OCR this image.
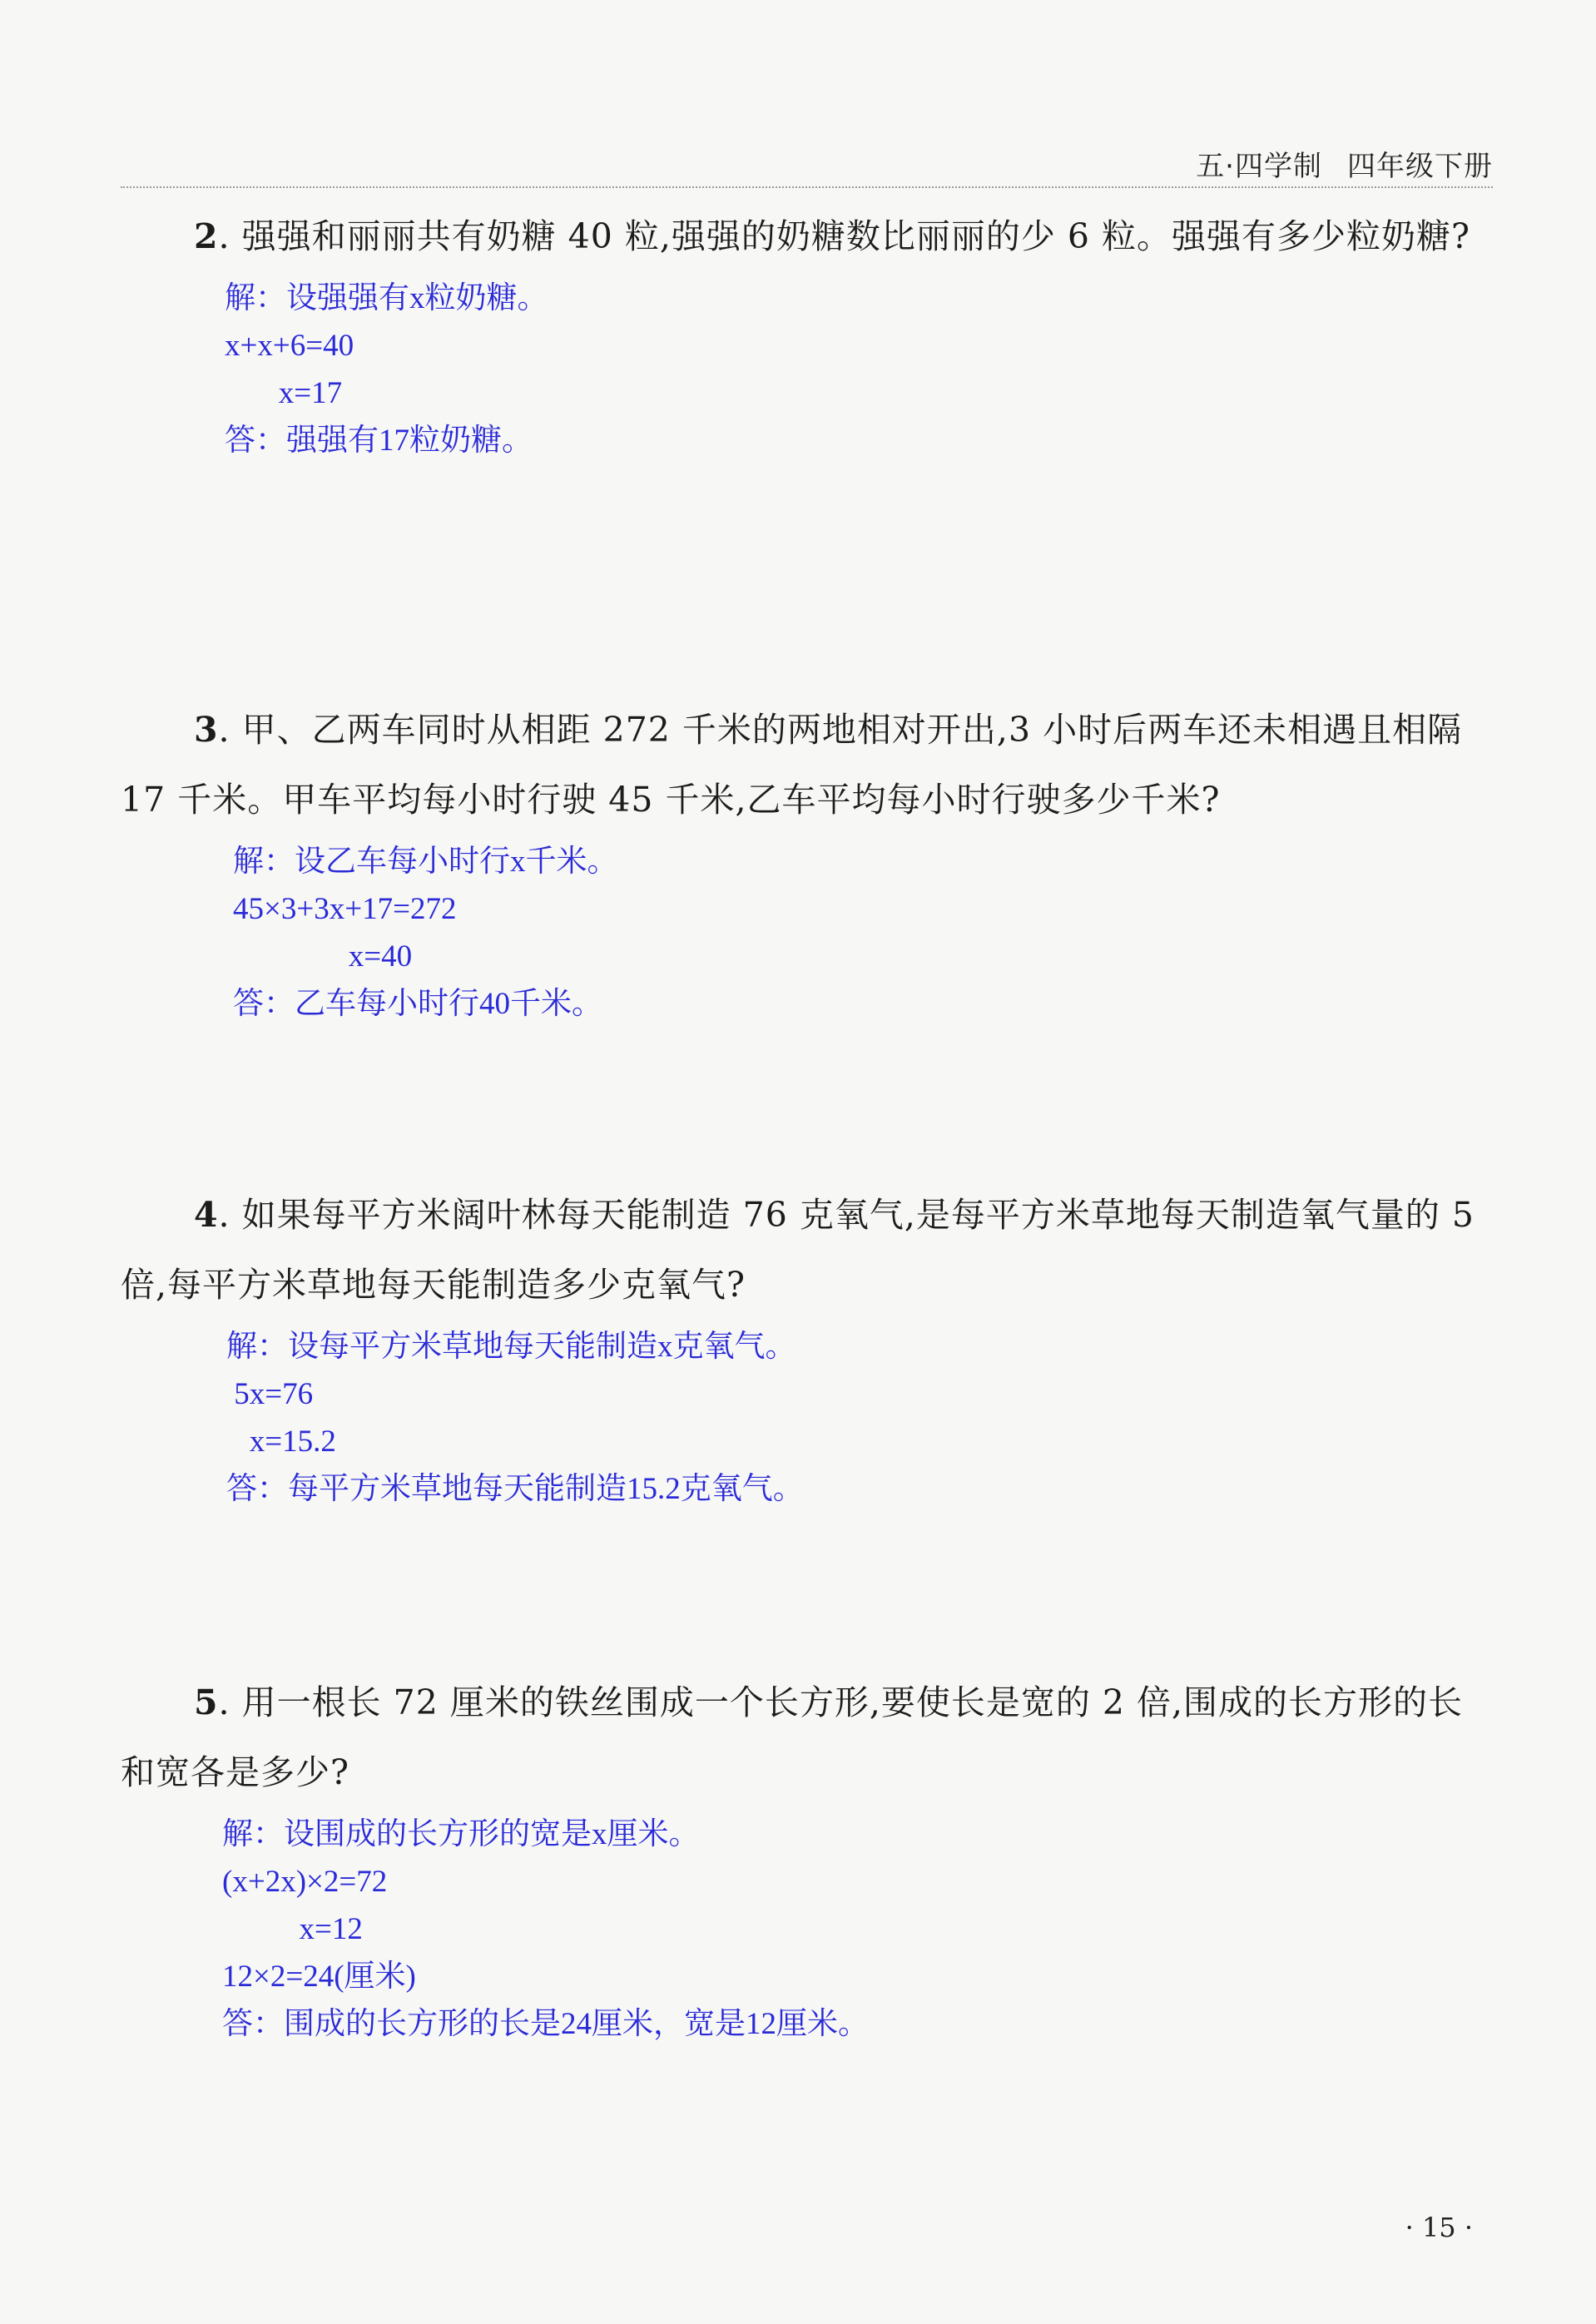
五·四学制 四年级下册

2. 强强和丽丽共有奶糖 40 粒,强强的奶糖数比丽丽的少 6 粒。强强有多少粒奶糖?

解：设强强有x粒奶糖。
x+x+6=40
x=17
答：强强有17粒奶糖。

3. 甲、乙两车同时从相距 272 千米的两地相对开出,3 小时后两车还未相遇且相隔 17 千米。甲车平均每小时行驶 45 千米,乙车平均每小时行驶多少千米?

解：设乙车每小时行x千米。
45×3+3x+17=272
x=40
答：乙车每小时行40千米。

4. 如果每平方米阔叶林每天能制造 76 克氧气,是每平方米草地每天制造氧气量的 5 倍,每平方米草地每天能制造多少克氧气?

解：设每平方米草地每天能制造x克氧气。
5x=76
x=15.2
答：每平方米草地每天能制造15.2克氧气。

5. 用一根长 72 厘米的铁丝围成一个长方形,要使长是宽的 2 倍,围成的长方形的长和宽各是多少?

解：设围成的长方形的宽是x厘米。
(x+2x)×2=72
x=12
12×2=24(厘米)
答：围成的长方形的长是24厘米，宽是12厘米。
· 15 ·
